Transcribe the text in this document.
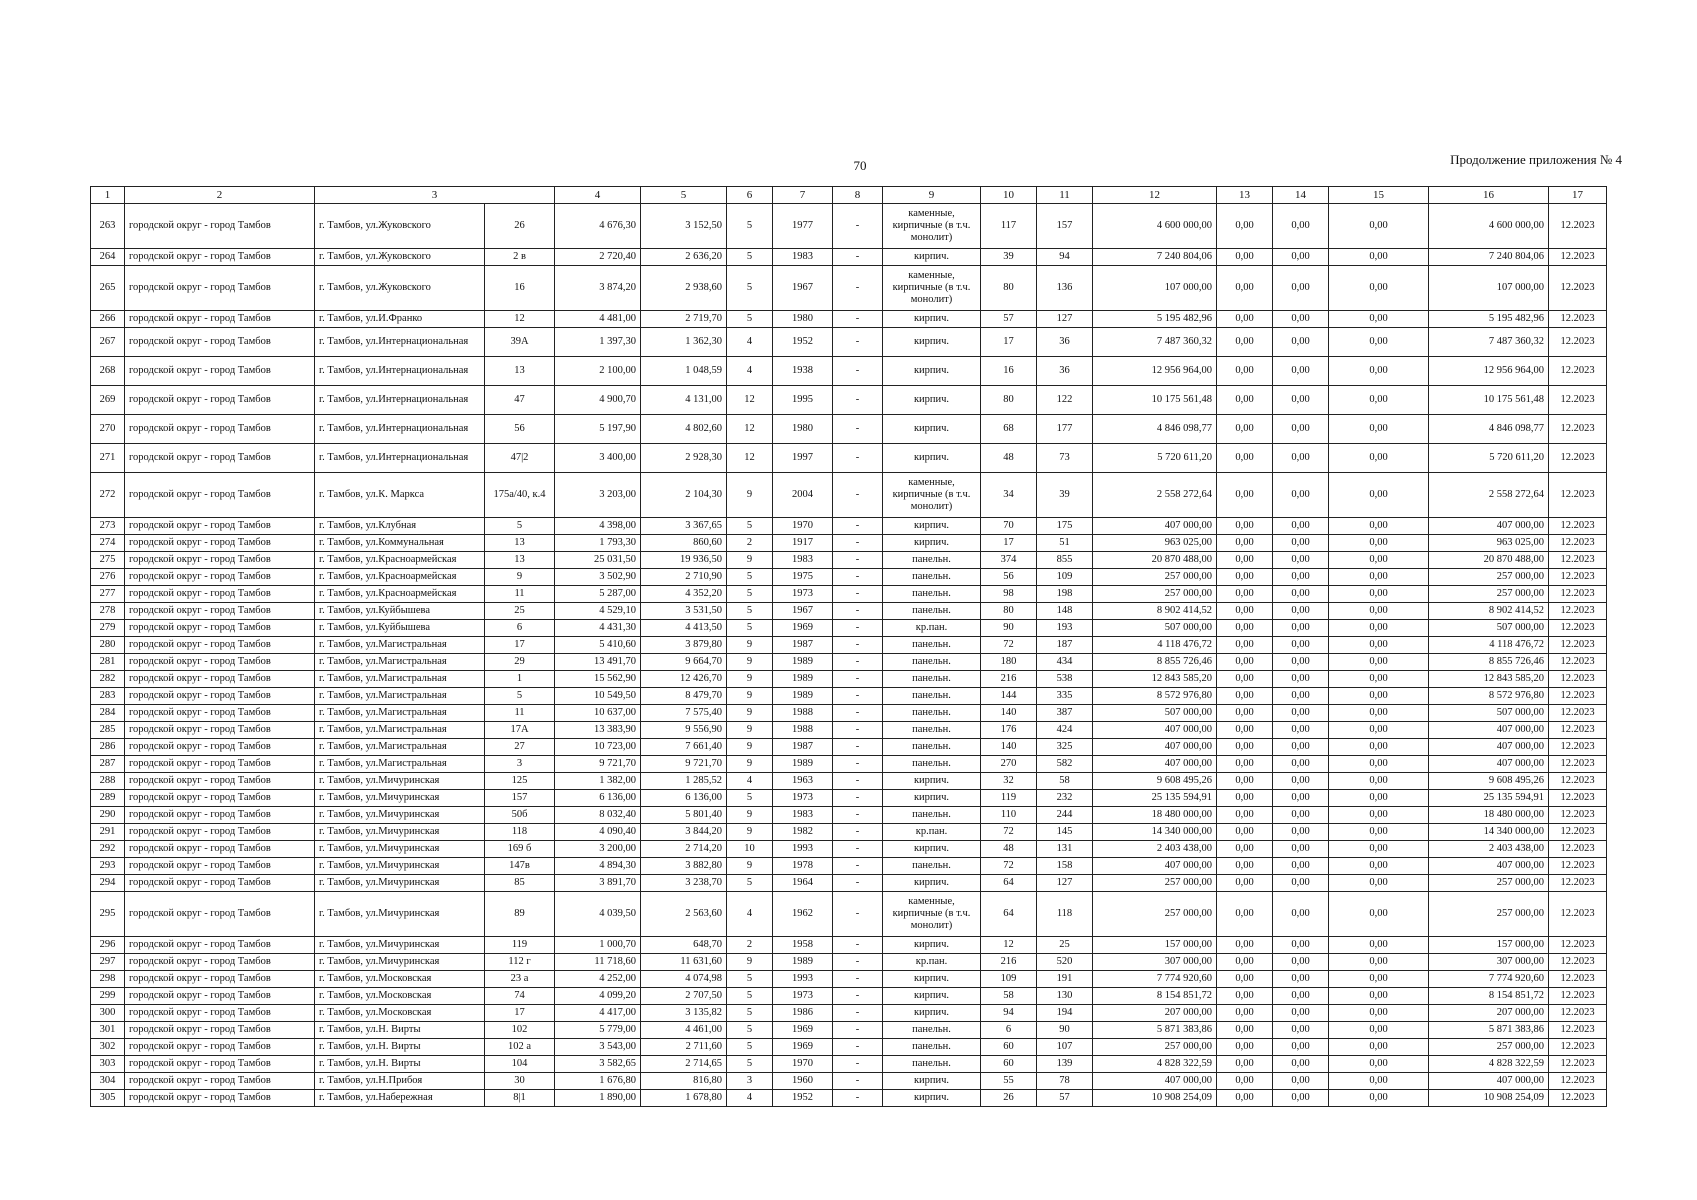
70	Продолжение приложения № 4
1	2	3		4	5	6	7	8	9	10	11	12	13	14	15	16	17
263	городской округ - город Тамбов	г. Тамбов, ул.Жуковского	26	4 676,30	3 152,50	5	1977	-	каменные, кирпичные (в т.ч. монолит)	117	157	4 600 000,00	0,00	0,00	0,00	4 600 000,00	12.2023
264	городской округ - город Тамбов	г. Тамбов, ул.Жуковского	2 в	2 720,40	2 636,20	5	1983	-	кирпич.	39	94	7 240 804,06	0,00	0,00	0,00	7 240 804,06	12.2023
265	городской округ - город Тамбов	г. Тамбов, ул.Жуковского	16	3 874,20	2 938,60	5	1967	-	каменные, кирпичные (в т.ч. монолит)	80	136	107 000,00	0,00	0,00	0,00	107 000,00	12.2023
266	городской округ - город Тамбов	г. Тамбов, ул.И.Франко	12	4 481,00	2 719,70	5	1980	-	кирпич.	57	127	5 195 482,96	0,00	0,00	0,00	5 195 482,96	12.2023
267	городской округ - город Тамбов	г. Тамбов, ул.Интернациональная	39А	1 397,30	1 362,30	4	1952	-	кирпич.	17	36	7 487 360,32	0,00	0,00	0,00	7 487 360,32	12.2023
268	городской округ - город Тамбов	г. Тамбов, ул.Интернациональная	13	2 100,00	1 048,59	4	1938	-	кирпич.	16	36	12 956 964,00	0,00	0,00	0,00	12 956 964,00	12.2023
269	городской округ - город Тамбов	г. Тамбов, ул.Интернациональная	47	4 900,70	4 131,00	12	1995	-	кирпич.	80	122	10 175 561,48	0,00	0,00	0,00	10 175 561,48	12.2023
270	городской округ - город Тамбов	г. Тамбов, ул.Интернациональная	56	5 197,90	4 802,60	12	1980	-	кирпич.	68	177	4 846 098,77	0,00	0,00	0,00	4 846 098,77	12.2023
271	городской округ - город Тамбов	г. Тамбов, ул.Интернациональная	47|2	3 400,00	2 928,30	12	1997	-	кирпич.	48	73	5 720 611,20	0,00	0,00	0,00	5 720 611,20	12.2023
272	городской округ - город Тамбов	г. Тамбов, ул.К. Маркса	175а/40, к.4	3 203,00	2 104,30	9	2004	-	каменные, кирпичные (в т.ч. монолит)	34	39	2 558 272,64	0,00	0,00	0,00	2 558 272,64	12.2023
273	городской округ - город Тамбов	г. Тамбов, ул.Клубная	5	4 398,00	3 367,65	5	1970	-	кирпич.	70	175	407 000,00	0,00	0,00	0,00	407 000,00	12.2023
274	городской округ - город Тамбов	г. Тамбов, ул.Коммунальная	13	1 793,30	860,60	2	1917	-	кирпич.	17	51	963 025,00	0,00	0,00	0,00	963 025,00	12.2023
275	городской округ - город Тамбов	г. Тамбов, ул.Красноармейская	13	25 031,50	19 936,50	9	1983	-	панельн.	374	855	20 870 488,00	0,00	0,00	0,00	20 870 488,00	12.2023
276	городской округ - город Тамбов	г. Тамбов, ул.Красноармейская	9	3 502,90	2 710,90	5	1975	-	панельн.	56	109	257 000,00	0,00	0,00	0,00	257 000,00	12.2023
277	городской округ - город Тамбов	г. Тамбов, ул.Красноармейская	11	5 287,00	4 352,20	5	1973	-	панельн.	98	198	257 000,00	0,00	0,00	0,00	257 000,00	12.2023
278	городской округ - город Тамбов	г. Тамбов, ул.Куйбышева	25	4 529,10	3 531,50	5	1967	-	панельн.	80	148	8 902 414,52	0,00	0,00	0,00	8 902 414,52	12.2023
279	городской округ - город Тамбов	г. Тамбов, ул.Куйбышева	6	4 431,30	4 413,50	5	1969	-	кр.пан.	90	193	507 000,00	0,00	0,00	0,00	507 000,00	12.2023
280	городской округ - город Тамбов	г. Тамбов, ул.Магистральная	17	5 410,60	3 879,80	9	1987	-	панельн.	72	187	4 118 476,72	0,00	0,00	0,00	4 118 476,72	12.2023
281	городской округ - город Тамбов	г. Тамбов, ул.Магистральная	29	13 491,70	9 664,70	9	1989	-	панельн.	180	434	8 855 726,46	0,00	0,00	0,00	8 855 726,46	12.2023
282	городской округ - город Тамбов	г. Тамбов, ул.Магистральная	1	15 562,90	12 426,70	9	1989	-	панельн.	216	538	12 843 585,20	0,00	0,00	0,00	12 843 585,20	12.2023
283	городской округ - город Тамбов	г. Тамбов, ул.Магистральная	5	10 549,50	8 479,70	9	1989	-	панельн.	144	335	8 572 976,80	0,00	0,00	0,00	8 572 976,80	12.2023
284	городской округ - город Тамбов	г. Тамбов, ул.Магистральная	11	10 637,00	7 575,40	9	1988	-	панельн.	140	387	507 000,00	0,00	0,00	0,00	507 000,00	12.2023
285	городской округ - город Тамбов	г. Тамбов, ул.Магистральная	17А	13 383,90	9 556,90	9	1988	-	панельн.	176	424	407 000,00	0,00	0,00	0,00	407 000,00	12.2023
286	городской округ - город Тамбов	г. Тамбов, ул.Магистральная	27	10 723,00	7 661,40	9	1987	-	панельн.	140	325	407 000,00	0,00	0,00	0,00	407 000,00	12.2023
287	городской округ - город Тамбов	г. Тамбов, ул.Магистральная	3	9 721,70	9 721,70	9	1989	-	панельн.	270	582	407 000,00	0,00	0,00	0,00	407 000,00	12.2023
288	городской округ - город Тамбов	г. Тамбов, ул.Мичуринская	125	1 382,00	1 285,52	4	1963	-	кирпич.	32	58	9 608 495,26	0,00	0,00	0,00	9 608 495,26	12.2023
289	городской округ - город Тамбов	г. Тамбов, ул.Мичуринская	157	6 136,00	6 136,00	5	1973	-	кирпич.	119	232	25 135 594,91	0,00	0,00	0,00	25 135 594,91	12.2023
290	городской округ - город Тамбов	г. Тамбов, ул.Мичуринская	50б	8 032,40	5 801,40	9	1983	-	панельн.	110	244	18 480 000,00	0,00	0,00	0,00	18 480 000,00	12.2023
291	городской округ - город Тамбов	г. Тамбов, ул.Мичуринская	118	4 090,40	3 844,20	9	1982	-	кр.пан.	72	145	14 340 000,00	0,00	0,00	0,00	14 340 000,00	12.2023
292	городской округ - город Тамбов	г. Тамбов, ул.Мичуринская	169 б	3 200,00	2 714,20	10	1993	-	кирпич.	48	131	2 403 438,00	0,00	0,00	0,00	2 403 438,00	12.2023
293	городской округ - город Тамбов	г. Тамбов, ул.Мичуринская	147в	4 894,30	3 882,80	9	1978	-	панельн.	72	158	407 000,00	0,00	0,00	0,00	407 000,00	12.2023
294	городской округ - город Тамбов	г. Тамбов, ул.Мичуринская	85	3 891,70	3 238,70	5	1964	-	кирпич.	64	127	257 000,00	0,00	0,00	0,00	257 000,00	12.2023
295	городской округ - город Тамбов	г. Тамбов, ул.Мичуринская	89	4 039,50	2 563,60	4	1962	-	каменные, кирпичные (в т.ч. монолит)	64	118	257 000,00	0,00	0,00	0,00	257 000,00	12.2023
296	городской округ - город Тамбов	г. Тамбов, ул.Мичуринская	119	1 000,70	648,70	2	1958	-	кирпич.	12	25	157 000,00	0,00	0,00	0,00	157 000,00	12.2023
297	городской округ - город Тамбов	г. Тамбов, ул.Мичуринская	112 г	11 718,60	11 631,60	9	1989	-	кр.пан.	216	520	307 000,00	0,00	0,00	0,00	307 000,00	12.2023
298	городской округ - город Тамбов	г. Тамбов, ул.Московская	23 а	4 252,00	4 074,98	5	1993	-	кирпич.	109	191	7 774 920,60	0,00	0,00	0,00	7 774 920,60	12.2023
299	городской округ - город Тамбов	г. Тамбов, ул.Московская	74	4 099,20	2 707,50	5	1973	-	кирпич.	58	130	8 154 851,72	0,00	0,00	0,00	8 154 851,72	12.2023
300	городской округ - город Тамбов	г. Тамбов, ул.Московская	17	4 417,00	3 135,82	5	1986	-	кирпич.	94	194	207 000,00	0,00	0,00	0,00	207 000,00	12.2023
301	городской округ - город Тамбов	г. Тамбов, ул.Н. Вирты	102	5 779,00	4 461,00	5	1969	-	панельн.	6	90	5 871 383,86	0,00	0,00	0,00	5 871 383,86	12.2023
302	городской округ - город Тамбов	г. Тамбов, ул.Н. Вирты	102 а	3 543,00	2 711,60	5	1969	-	панельн.	60	107	257 000,00	0,00	0,00	0,00	257 000,00	12.2023
303	городской округ - город Тамбов	г. Тамбов, ул.Н. Вирты	104	3 582,65	2 714,65	5	1970	-	панельн.	60	139	4 828 322,59	0,00	0,00	0,00	4 828 322,59	12.2023
304	городской округ - город Тамбов	г. Тамбов, ул.Н.Прибоя	30	1 676,80	816,80	3	1960	-	кирпич.	55	78	407 000,00	0,00	0,00	0,00	407 000,00	12.2023
305	городской округ - город Тамбов	г. Тамбов, ул.Набережная	8|1	1 890,00	1 678,80	4	1952	-	кирпич.	26	57	10 908 254,09	0,00	0,00	0,00	10 908 254,09	12.2023
